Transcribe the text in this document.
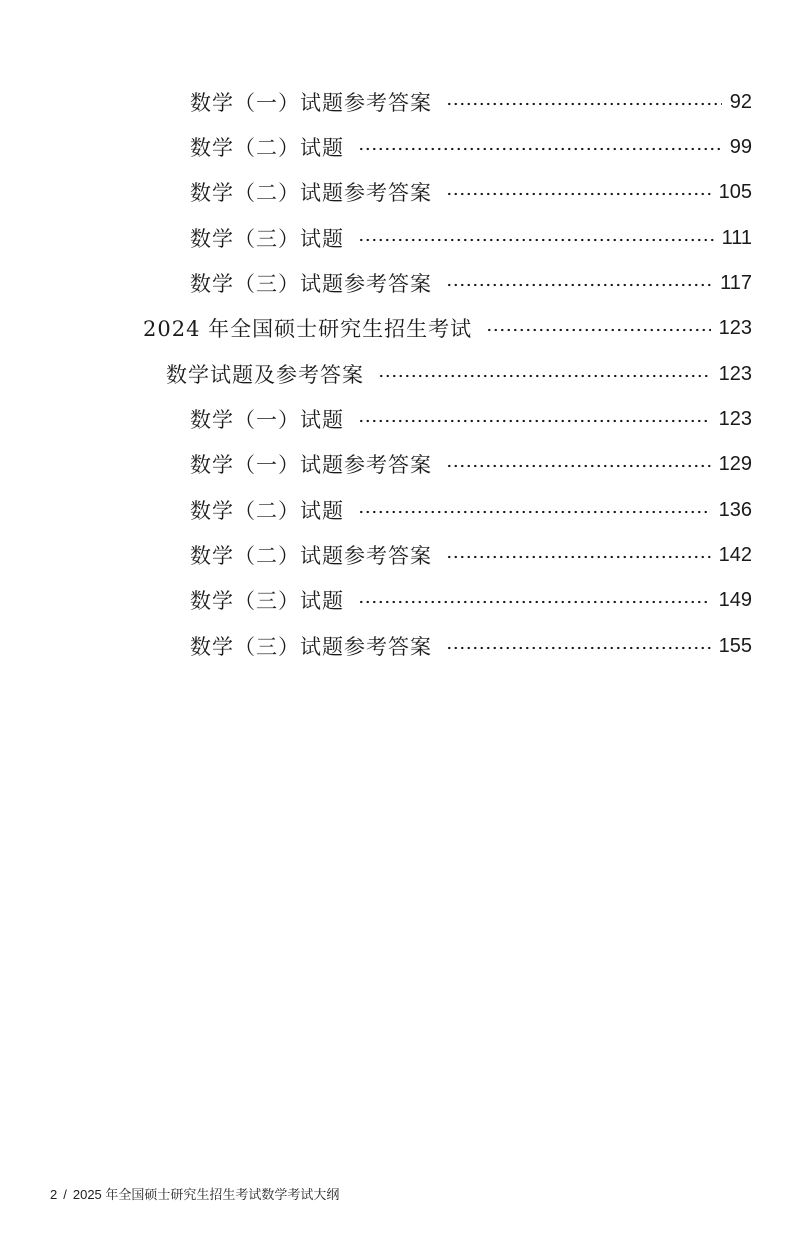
数学（一）试题参考答案	92
数学（二）试题	99
数学（二）试题参考答案	105
数学（三）试题	111
数学（三）试题参考答案	117
2024 年全国硕士研究生招生考试	123
数学试题及参考答案	123
数学（一）试题	123
数学（一）试题参考答案	129
数学（二）试题	136
数学（二）试题参考答案	142
数学（三）试题	149
数学（三）试题参考答案	155
2 / 2025 年全国硕士研究生招生考试数学考试大纲
